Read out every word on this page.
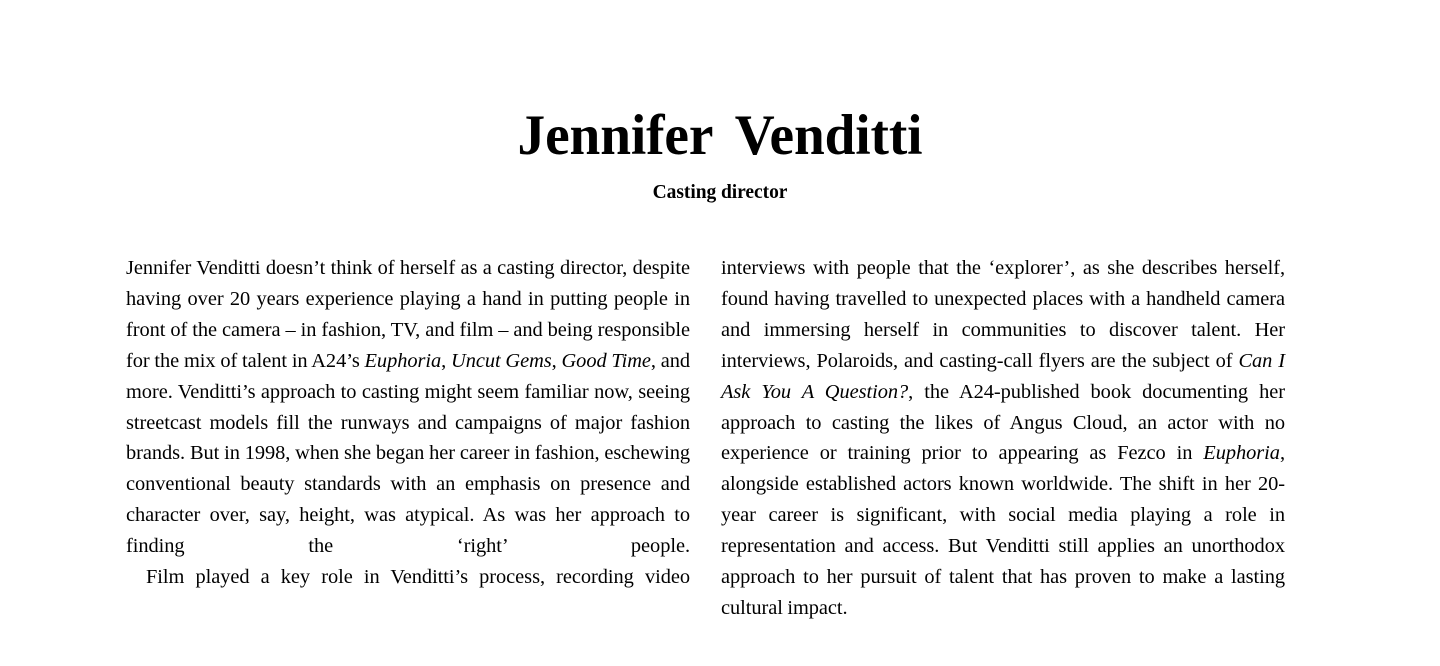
Jennifer Venditti

Casting director

Jennifer Venditti doesn’t think of herself as a casting director, despite having over 20 years experience playing a hand in putting people in front of the camera – in fashion, TV, and film – and being responsible for the mix of talent in A24’s Euphoria, Uncut Gems, Good Time, and more. Venditti’s approach to casting might seem familiar now, seeing streetcast models fill the runways and campaigns of major fashion brands. But in 1998, when she began her career in fashion, eschewing conventional beauty standards with an emphasis on presence and character over, say, height, was atypical. As was her approach to finding the ‘right’ people.

Film played a key role in Venditti’s process, recording video

interviews with people that the ‘explorer’, as she describes herself, found having travelled to unexpected places with a handheld camera and immersing herself in communities to discover talent. Her interviews, Polaroids, and casting-call flyers are the subject of Can I Ask You A Question?, the A24-published book documenting her approach to casting the likes of Angus Cloud, an actor with no experience or training prior to appearing as Fezco in Euphoria, alongside established actors known worldwide. The shift in her 20-year career is significant, with social media playing a role in representation and access. But Venditti still applies an unorthodox approach to her pursuit of talent that has proven to make a lasting cultural impact.
